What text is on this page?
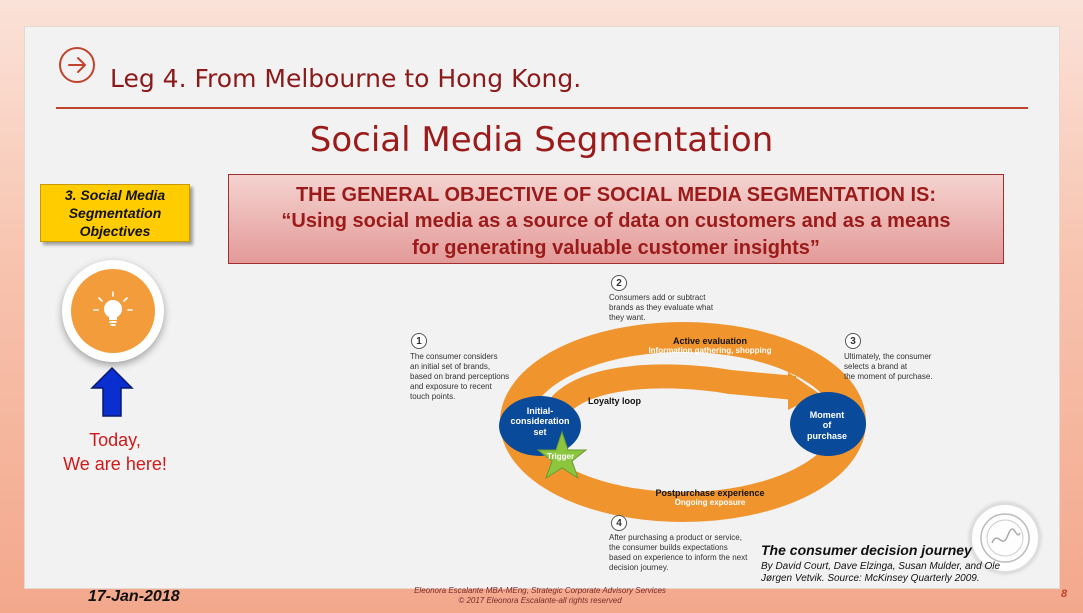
Leg 4. From Melbourne to Hong Kong.
Social Media Segmentation
3. Social Media
Segmentation
Objectives
Today,
We are here!
THE GENERAL OBJECTIVE OF SOCIAL MEDIA SEGMENTATION IS:
“Using social media as a source of data on customers and as a means
for generating valuable customer insights”
1
The consumer considers
an initial set of brands,
based on brand perceptions
and exposure to recent
touch points.
2
Consumers add or subtract
brands as they evaluate what
they want.
3
Ultimately, the consumer
selects a brand at
the moment of purchase.
4
After purchasing a product or service,
the consumer builds expectations
based on experience to inform the next
decision journey.
Active evaluation
Information gathering, shopping
Loyalty loop
Initial-
consideration
set
Moment
of
purchase
Trigger
Postpurchase experience
Ongoing exposure
The consumer decision journey
By David Court, Dave Elzinga, Susan Mulder, and Ole
Jørgen Vetvik. Source: McKinsey Quarterly 2009.
17-Jan-2018	Eleonora Escalante MBA-MEng, Strategic Corporate Advisory Services
© 2017 Eleonora Escalante-all rights reserved
8
